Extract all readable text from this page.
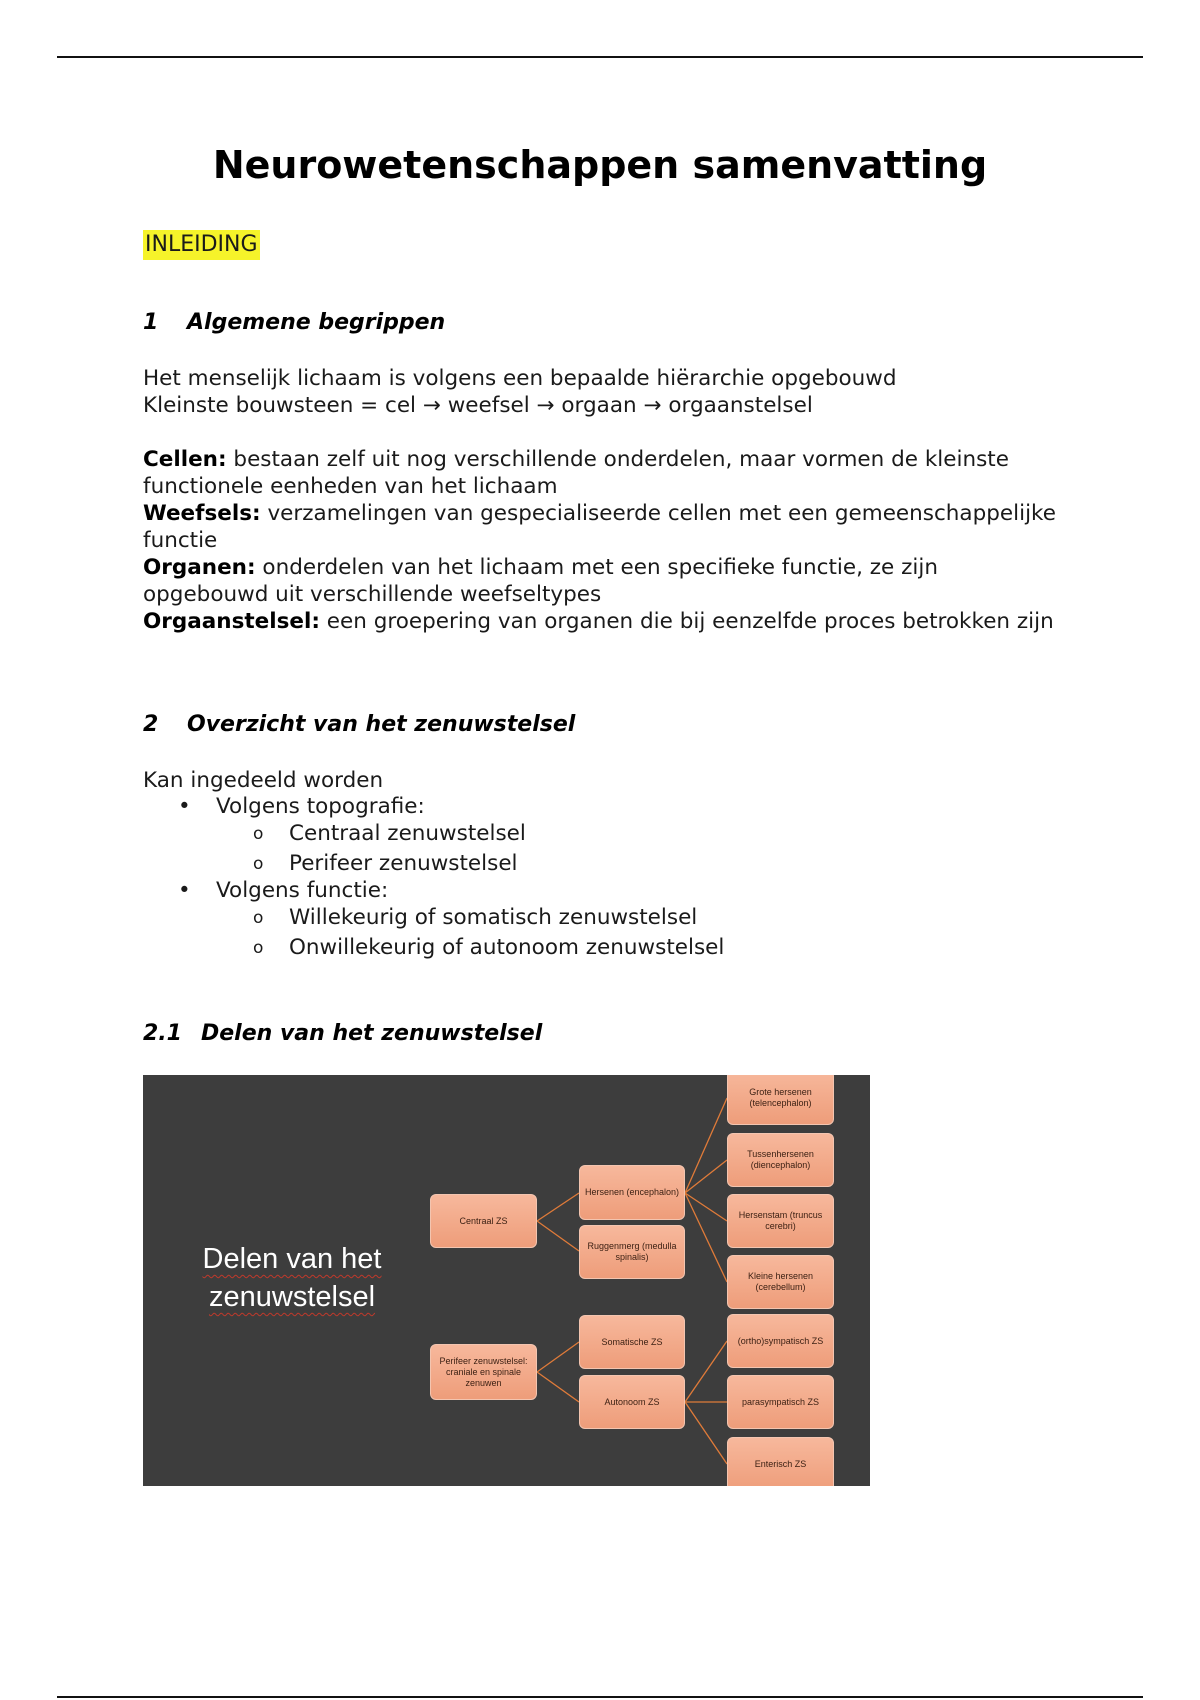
Neurowetenschappen samenvatting
INLEIDING
1 Algemene begrippen

Het menselijk lichaam is volgens een bepaalde hiërarchie opgebouwd

Kleinste bouwsteen = cel → weefsel → orgaan → orgaanstelsel

Cellen: bestaan zelf uit nog verschillende onderdelen, maar vormen de kleinste functionele eenheden van het lichaam

Weefsels: verzamelingen van gespecialiseerde cellen met een gemeenschappelijke functie

Organen: onderdelen van het lichaam met een specifieke functie, ze zijn opgebouwd uit verschillende weefseltypes

Orgaanstelsel: een groepering van organen die bij eenzelfde proces betrokken zijn

2 Overzicht van het zenuwstelsel

Kan ingedeeld worden

• Volgens topografie:
o Centraal zenuwstelsel
o Perifeer zenuwstelsel
• Volgens functie:
o Willekeurig of somatisch zenuwstelsel
o Onwillekeurig of autonoom zenuwstelsel
2.1 Delen van het zenuwstelsel
Delen van het
zenuwstelsel
Centraal ZS
Perifeer zenuwstelsel: craniale en spinale zenuwen
Hersenen (encephalon)
Ruggenmerg (medulla spinalis)
Somatische ZS
Autonoom ZS
Grote hersenen (telencephalon)
Tussenhersenen (diencephalon)
Hersenstam (truncus cerebri)
Kleine hersenen (cerebellum)
(ortho)sympatisch ZS
parasympatisch ZS
Enterisch ZS
